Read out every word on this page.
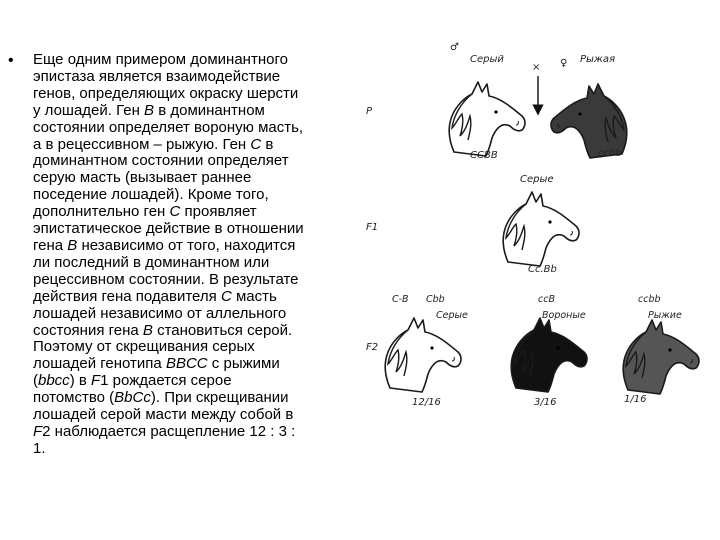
• Еще одним примером доминантного

эпистаза является взаимодействие

генов, определяющих окраску шерсти

у лошадей. Ген B в доминантном

состоянии определяет вороную масть,

а в рецессивном – рыжую. Ген C в

доминантном состоянии определяет

серую масть (вызывает раннее

поседение лошадей). Кроме того,

дополнительно ген C проявляет

эпистатическое действие в отношении

гена B независимо от того, находится

ли последний в доминантном или

рецессивном состоянии. В результате

действия гена подавителя C масть

лошадей независимо от аллельного

состояния гена B становиться серой.

Поэтому от скрещивания серых

лошадей генотипа BBCC с рыжими

(bbcc) в F1 рождается серое

потомство (BbCc). При скрещивании

лошадей серой масти между собой в

F2 наблюдается расщепление 12 : 3 :

1.

♂
Серый
× ♀ Рыжая
P
CCBB	ccbb
Серые
F1
Cc.Bb
F2
C-B Cbb
Серые
12/16
ccB
Вороные
3/16
ccbb
Рыжие
1/16
